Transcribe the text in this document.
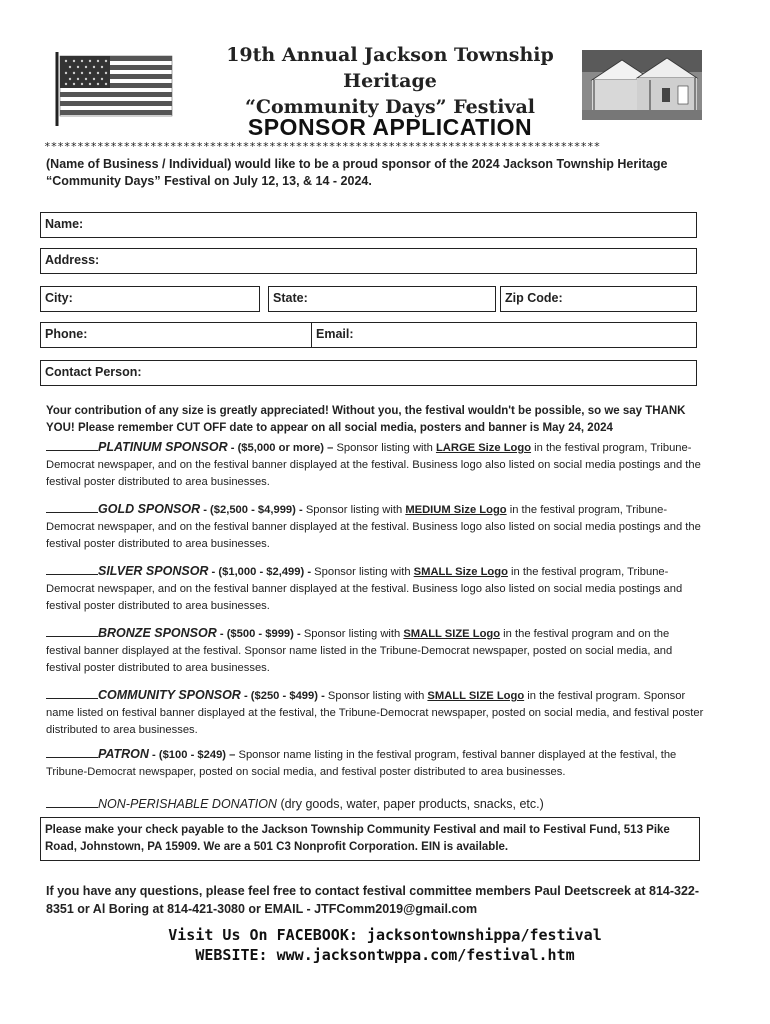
19th Annual Jackson Township Heritage
“Community Days” Festival
SPONSOR APPLICATION
************************************************************************************
(Name of Business / Individual) would like to be a proud sponsor of the 2024 Jackson Township Heritage “Community Days” Festival on July 12, 13, & 14 - 2024.
Name:
Address:
City:	State:	Zip Code:
Phone:	Email:
Contact Person:
Your contribution of any size is greatly appreciated! Without you, the festival wouldn't be possible, so we say THANK YOU! Please remember CUT OFF date to appear on all social media, posters and banner is May 24, 2024
PLATINUM SPONSOR - ($5,000 or more) – Sponsor listing with LARGE Size Logo in the festival program, Tribune-Democrat newspaper, and on the festival banner displayed at the festival. Business logo also listed on social media postings and the festival poster distributed to area businesses.
GOLD SPONSOR - ($2,500 - $4,999) - Sponsor listing with MEDIUM Size Logo in the festival program, Tribune-Democrat newspaper, and on the festival banner displayed at the festival. Business logo also listed on social media postings and the festival poster distributed to area businesses.
SILVER SPONSOR - ($1,000 - $2,499) - Sponsor listing with SMALL Size Logo in the festival program, Tribune-Democrat newspaper, and on the festival banner displayed at the festival. Business logo also listed on social media postings and festival poster distributed to area businesses.
BRONZE SPONSOR - ($500 - $999) - Sponsor listing with SMALL SIZE Logo in the festival program and on the festival banner displayed at the festival. Sponsor name listed in the Tribune-Democrat newspaper, posted on social media, and festival poster distributed to area businesses.
COMMUNITY SPONSOR - ($250 - $499) - Sponsor listing with SMALL SIZE Logo in the festival program. Sponsor name listed on festival banner displayed at the festival, the Tribune-Democrat newspaper, posted on social media, and festival poster distributed to area businesses.
PATRON - ($100 - $249) – Sponsor name listing in the festival program, festival banner displayed at the festival, the Tribune-Democrat newspaper, posted on social media, and festival poster distributed to area businesses.
NON-PERISHABLE DONATION (dry goods, water, paper products, snacks, etc.)
Please make your check payable to the Jackson Township Community Festival and mail to Festival Fund, 513 Pike Road, Johnstown, PA 15909. We are a 501 C3 Nonprofit Corporation. EIN is available.
If you have any questions, please feel free to contact festival committee members Paul Deetscreek at 814-322-8351 or Al Boring at 814-421-3080 or EMAIL - JTFComm2019@gmail.com
Visit Us On FACEBOOK: jacksontownshippa/festival
WEBSITE: www.jacksontwppa.com/festival.htm
